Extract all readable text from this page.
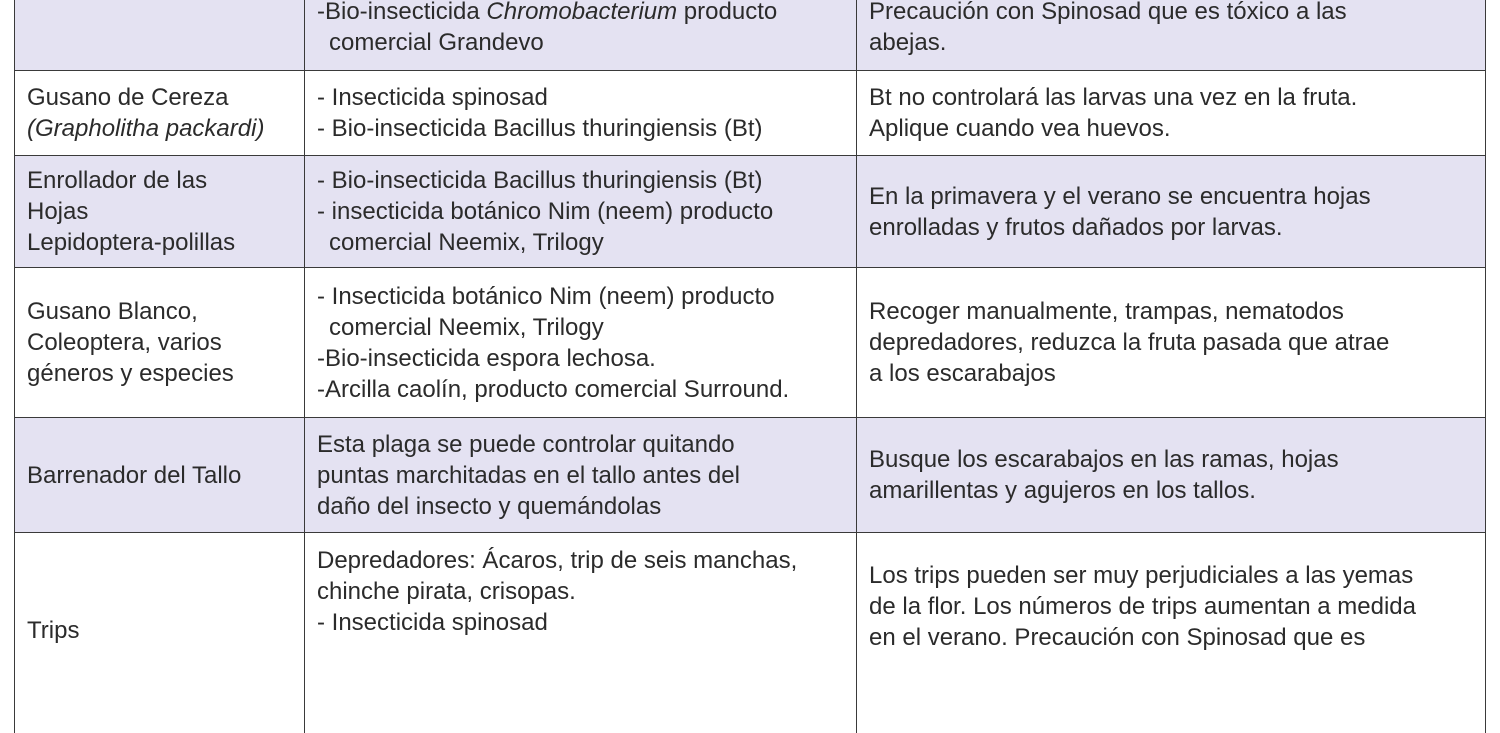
-Bio-insecticida Chromobacterium producto
comercial Grandevo
Precaución con Spinosad que es tóxico a las
abejas.
Gusano de Cereza
(Grapholitha packardi)
- Insecticida spinosad
- Bio-insecticida Bacillus thuringiensis (Bt)
Bt no controlará las larvas una vez en la fruta.
Aplique cuando vea huevos.
Enrollador de las
Hojas
Lepidoptera-polillas
- Bio-insecticida Bacillus thuringiensis (Bt)
- insecticida botánico Nim (neem) producto
comercial Neemix, Trilogy
En la primavera y el verano se encuentra hojas
enrolladas y frutos dañados por larvas.
Gusano Blanco,
Coleoptera, varios
géneros y especies
- Insecticida botánico Nim (neem) producto
comercial Neemix, Trilogy
-Bio-insecticida espora lechosa.
-Arcilla caolín, producto comercial Surround.
Recoger manualmente, trampas, nematodos
depredadores, reduzca la fruta pasada que atrae
a los escarabajos
Barrenador del Tallo
Esta plaga se puede controlar quitando
puntas marchitadas en el tallo antes del
daño del insecto y quemándolas
Busque los escarabajos en las ramas, hojas
amarillentas y agujeros en los tallos.
Trips
Depredadores: Ácaros, trip de seis manchas,
chinche pirata, crisopas.
- Insecticida spinosad
Los trips pueden ser muy perjudiciales a las yemas
de la flor. Los números de trips aumentan a medida
en el verano. Precaución con Spinosad que es
